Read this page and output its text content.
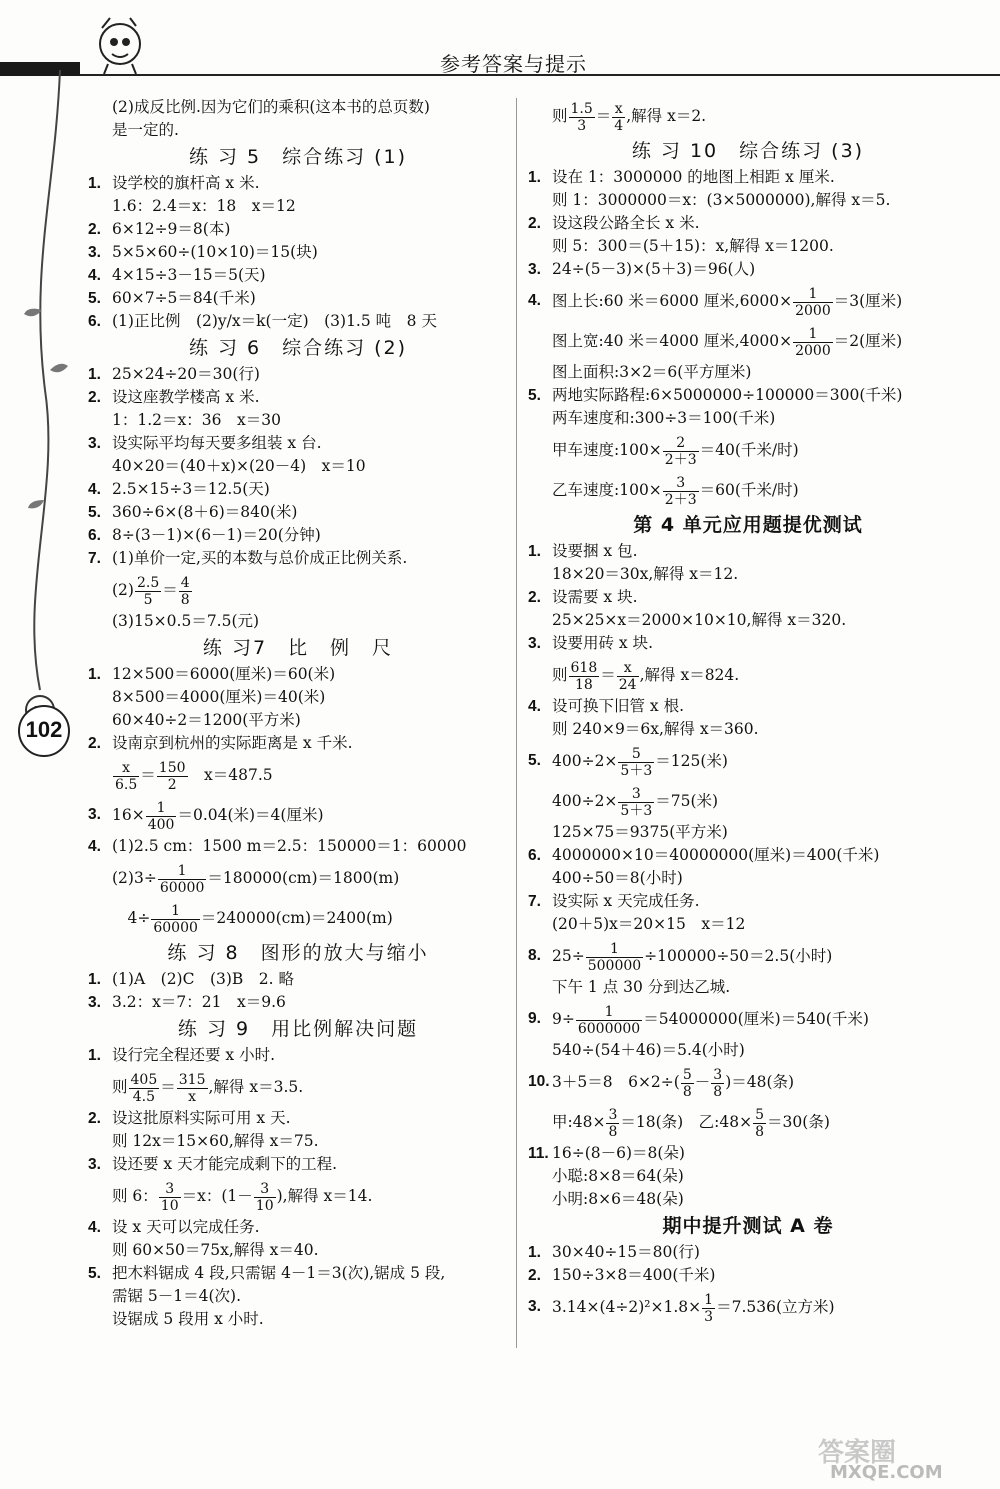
参考答案与提示
102
(2)成反比例.因为它们的乘积(这本书的总页数)
是一定的.
练 习 5　综合练习 (1)
1. 设学校的旗杆高 x 米.
1.6：2.4＝x：18　x＝12
2. 6×12÷9＝8(本)
3. 5×5×60÷(10×10)＝15(块)
4. 4×15÷3－15＝5(天)
5. 60×7÷5＝84(千米)
6. (1)正比例　(2)y/x＝k(一定)　(3)1.5 吨　8 天
练 习 6　综合练习 (2)
1. 25×24÷20＝30(行)
2. 设这座教学楼高 x 米.
1：1.2＝x：36　x＝30
3. 设实际平均每天要多组装 x 台.
40×20＝(40＋x)×(20－4)　x＝10
4. 2.5×15÷3＝12.5(天)
5. 360÷6×(8＋6)＝840(米)
6. 8÷(3－1)×(6－1)＝20(分钟)
7. (1)单价一定,买的本数与总价成正比例关系.
$(2) \frac{2.5}{5} = \frac{4}{8}$
(3)15×0.5＝7.5(元)
练 习7　比　例　尺
1. 12×500＝6000(厘米)＝60(米)
8×500＝4000(厘米)＝40(米)
60×40÷2＝1200(平方米)
2. 设南京到杭州的实际距离是 x 千米.
$\frac{x}{6.5} = \frac{150}{2}$ 　x＝487.5
3. $16\times \frac{1}{400} =0.04$(米)＝4(厘米)
4. (1)2.5 cm：1500 m＝2.5：150000＝1：60000
$(2)3\div \frac{1}{60000} =180000(cm)=1800(m)$
　$4\div \frac{1}{60000} =240000(cm)=2400(m)$
练 习 8　图形的放大与缩小
1. (1)A　(2)C　(3)B　2. 略
3. 3.2：x＝7：21　x＝9.6
练 习 9　用比例解决问题
1. 设行完全程还要 x 小时.
则 $\frac{405}{4.5} = \frac{315}{x}$ ,解得 x＝3.5.
2. 设这批原料实际可用 x 天.
则 12x＝15×60,解得 x＝75.
3. 设还要 x 天才能完成剩下的工程.
则 6： $\frac{3}{10} =x$：($1- \frac{3}{10}$ ),解得 x＝14.
4. 设 x 天可以完成任务.
则 60×50＝75x,解得 x＝40.
5. 把木料锯成 4 段,只需锯 4－1＝3(次),锯成 5 段,
需锯 5－1＝4(次).
设锯成 5 段用 x 小时.
则 $\frac{1.5}{3} = \frac{x}{4}$ ,解得 x＝2.
练 习 10　综合练习 (3)
1. 设在 1：3000000 的地图上相距 x 厘米.
则 1：3000000＝x：(3×5000000),解得 x＝5.
2. 设这段公路全长 x 米.
则 5：300＝(5＋15)：x,解得 x＝1200.
3. 24÷(5－3)×(5＋3)＝96(人)
4. 图上长:60 米＝6000 厘米$,6000\times \frac{1}{2000} =3$(厘米)
图上宽:40 米＝4000 厘米$,4000\times \frac{1}{2000} =2$(厘米)
图上面积:3×2＝6(平方厘米)
5. 两地实际路程:6×5000000÷100000＝300(千米)
两车速度和:300÷3＝100(千米)
甲车速度:100× $\frac{2}{2+3} =40$(千米/时)
乙车速度:100× $\frac{3}{2+3} =60$(千米/时)
第 4 单元应用题提优测试
1. 设要捆 x 包.
18×20＝30x,解得 x＝12.
2. 设需要 x 块.
25×25×x＝2000×10×10,解得 x＝320.
3. 设要用砖 x 块.
则 $\frac{618}{18} = \frac{x}{24}$ ,解得 x＝824.
4. 设可换下旧管 x 根.
则 240×9＝6x,解得 x＝360.
5. $400\div 2\times \frac{5}{5+3} =125$(米)
$400\div 2\times \frac{3}{5+3} =75$(米)
125×75＝9375(平方米)
6. 4000000×10＝40000000(厘米)＝400(千米)
400÷50＝8(小时)
7. 设实际 x 天完成任务.
(20＋5)x＝20×15　x＝12
8. $25\div \frac{1}{500000} \div 100000\div 50=2.5$(小时)
下午 1 点 30 分到达乙城.
9. $9\div \frac{1}{6000000} =54000000$(厘米)＝540(千米)
540÷(54＋46)＝5.4(小时)
10. 3＋5＝8　$6\times 2\div( \frac{5}{8} - \frac{3}{8} )=48$(条)
甲:48× $\frac{3}{8} =18$(条)　乙:48× $\frac{5}{8} =30$(条)
11. 16÷(8－6)＝8(朵)
小聪:8×8＝64(朵)
小明:8×6＝48(朵)
期中提升测试 A 卷
1. 30×40÷15＝80(行)
2. 150÷3×8＝400(千米)
3. $3.14\times(4\div 2)^2\times 1.8\times \frac{1}{3} =7.536$(立方米)
答案圈
MXQE.COM
